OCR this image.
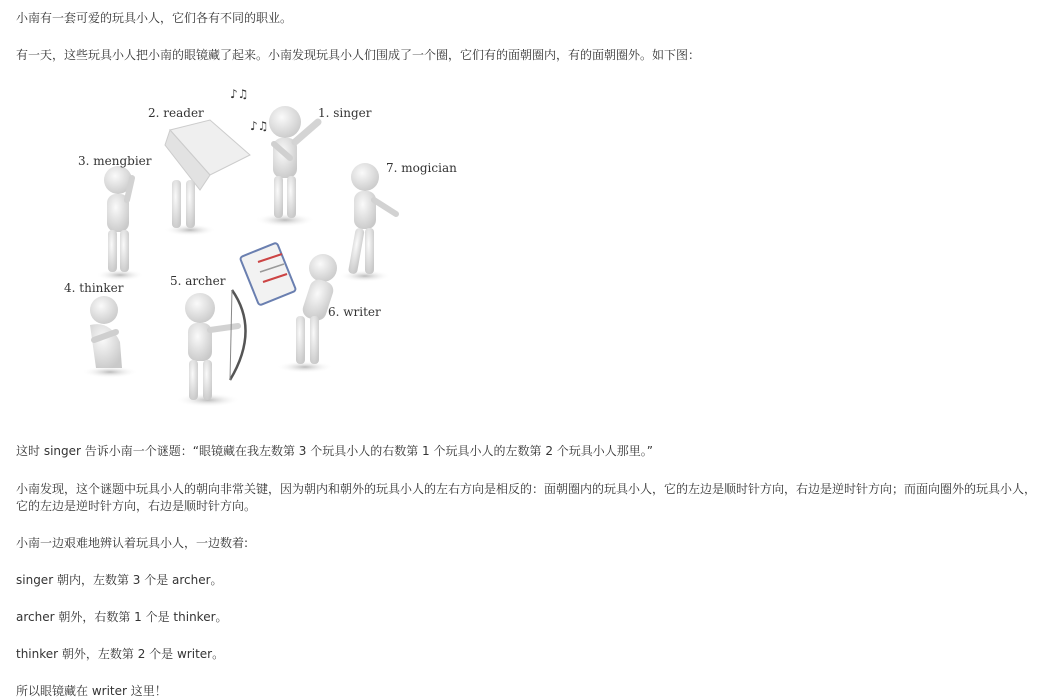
小南有一套可爱的玩具小人，它们各有不同的职业。

有一天，这些玩具小人把小南的眼镜藏了起来。小南发现玩具小人们围成了一个圈，它们有的面朝圈内，有的面朝圈外。如下图：

1. singer
♪♫
♪♫
2. reader
3. mengbier
4. thinker	5. archer
6. writer
7. mogician

这时 singer 告诉小南一个谜题：“眼镜藏在我左数第 3 个玩具小人的右数第 1 个玩具小人的左数第 2 个玩具小人那里。”

小南发现，这个谜题中玩具小人的朝向非常关键，因为朝内和朝外的玩具小人的左右方向是相反的：面朝圈内的玩具小人，它的左边是顺时针方向，右边是逆时针方向；而面向圈外的玩具小人，它的左边是逆时针方向，右边是顺时针方向。

小南一边艰难地辨认着玩具小人，一边数着:

singer 朝内，左数第 3 个是 archer。

archer 朝外，右数第 1 个是 thinker。

thinker 朝外，左数第 2 个是 writer。

所以眼镜藏在 writer 这里！
